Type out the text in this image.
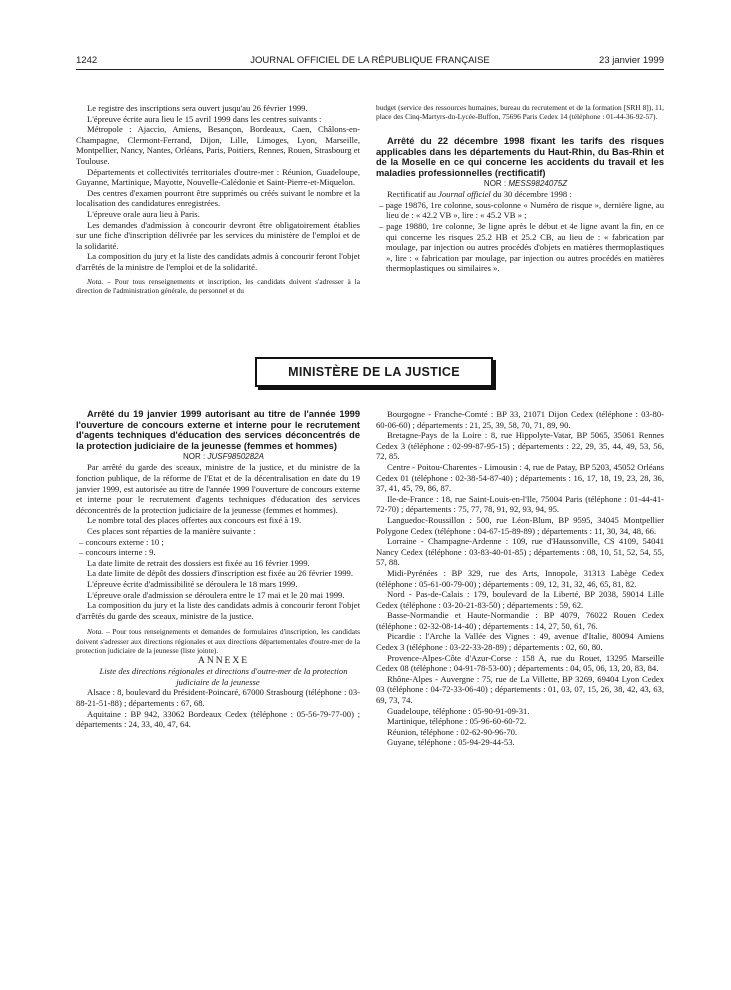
1242	JOURNAL OFFICIEL DE LA RÉPUBLIQUE FRANÇAISE	23 janvier 1999

Le registre des inscriptions sera ouvert jusqu'au 26 février 1999.

L'épreuve écrite aura lieu le 15 avril 1999 dans les centres suivants :

Métropole : Ajaccio, Amiens, Besançon, Bordeaux, Caen, Châlons-en-Champagne, Clermont-Ferrand, Dijon, Lille, Limoges, Lyon, Marseille, Montpellier, Nancy, Nantes, Orléans, Paris, Poitiers, Rennes, Rouen, Strasbourg et Toulouse.

Départements et collectivités territoriales d'outre-mer : Réunion, Guadeloupe, Guyanne, Martinique, Mayotte, Nouvelle-Calédonie et Saint-Pierre-et-Miquelon.

Des centres d'examen pourront être supprimés ou créés suivant le nombre et la localisation des candidatures enregistrées.

L'épreuve orale aura lieu à Paris.

Les demandes d'admission à concourir devront être obligatoirement établies sur une fiche d'inscription délivrée par les services du ministère de l'emploi et de la solidarité.

La composition du jury et la liste des candidats admis à concourir feront l'objet d'arrêtés de la ministre de l'emploi et de la solidarité.

Nota. – Pour tous renseignements et inscription, les candidats doivent s'adresser à la direction de l'administration générale, du personnel et du

budget (service des ressources humaines, bureau du recrutement et de la formation [SRH 8]), 11, place des Cinq-Martyrs-du-Lycée-Buffon, 75696 Paris Cedex 14 (téléphone : 01-44-36-92-57).

Arrêté du 22 décembre 1998 fixant les tarifs des risques applicables dans les départements du Haut-Rhin, du Bas-Rhin et de la Moselle en ce qui concerne les accidents du travail et les maladies professionnelles (rectificatif)

NOR : MESS9824075Z

Rectificatif au Journal officiel du 30 décembre 1998 :

– page 19876, 1re colonne, sous-colonne « Numéro de risque », dernière ligne, au lieu de : « 42.2 VB », lire : « 45.2 VB » ;

– page 19880, 1re colonne, 3e ligne après le début et 4e ligne avant la fin, en ce qui concerne les risques 25.2 HB et 25.2 CB, au lieu de : « fabrication par moulage, par injection ou autres procédés d'objets en matières thermoplastiques », lire : « fabrication par moulage, par injection ou autres procédés en matières thermoplastiques ou similaires ».

MINISTÈRE DE LA JUSTICE

Arrêté du 19 janvier 1999 autorisant au titre de l'année 1999 l'ouverture de concours externe et interne pour le recrutement d'agents techniques d'éducation des services déconcentrés de la protection judiciaire de la jeunesse (femmes et hommes)

NOR : JUSF9850282A

Par arrêté du garde des sceaux, ministre de la justice, et du ministre de la fonction publique, de la réforme de l'Etat et de la décentralisation en date du 19 janvier 1999, est autorisée au titre de l'année 1999 l'ouverture de concours externe et interne pour le recrutement d'agents techniques d'éducation des services déconcentrés de la protection judiciaire de la jeunesse (femmes et hommes).

Le nombre total des places offertes aux concours est fixé à 19.

Ces places sont réparties de la manière suivante :

– concours externe : 10 ;

– concours interne : 9.

La date limite de retrait des dossiers est fixée au 16 février 1999.

La date limite de dépôt des dossiers d'inscription est fixée au 26 février 1999.

L'épreuve écrite d'admissibilité se déroulera le 18 mars 1999.

L'épreuve orale d'admission se déroulera entre le 17 mai et le 20 mai 1999.

La composition du jury et la liste des candidats admis à concourir feront l'objet d'arrêtés du garde des sceaux, ministre de la justice.

Nota. – Pour tous renseignements et demandes de formulaires d'inscription, les candidats doivent s'adresser aux directions régionales et aux directions départementales d'outre-mer de la protection judiciaire de la jeunesse (liste jointe).

ANNEXE

Liste des directions régionales et directions d'outre-mer de la protection judiciaire de la jeunesse

Alsace : 8, boulevard du Président-Poincaré, 67000 Strasbourg (téléphone : 03-88-21-51-88) ; départements : 67, 68.

Aquitaine : BP 942, 33062 Bordeaux Cedex (téléphone : 05-56-79-77-00) ; départements : 24, 33, 40, 47, 64.

Bourgogne - Franche-Comté : BP 33, 21071 Dijon Cedex (téléphone : 03-80-60-06-60) ; départements : 21, 25, 39, 58, 70, 71, 89, 90.

Bretagne-Pays de la Loire : 8, rue Hippolyte-Vatar, BP 5065, 35061 Rennes Cedex 3 (téléphone : 02-99-87-95-15) ; départements : 22, 29, 35, 44, 49, 53, 56, 72, 85.

Centre - Poitou-Charentes - Limousin : 4, rue de Patay, BP 5203, 45052 Orléans Cedex 01 (téléphone : 02-38-54-87-40) ; départements : 16, 17, 18, 19, 23, 28, 36, 37, 41, 45, 79, 86, 87.

Ile-de-France : 18, rue Saint-Louis-en-l'Ile, 75004 Paris (téléphone : 01-44-41-72-70) ; départements : 75, 77, 78, 91, 92, 93, 94, 95.

Languedoc-Roussillon : 500, rue Léon-Blum, BP 9595, 34045 Montpellier Polygone Cedex (téléphone : 04-67-15-89-89) ; départements : 11, 30, 34, 48, 66.

Lorraine - Champagne-Ardenne : 109, rue d'Haussonville, CS 4109, 54041 Nancy Cedex (téléphone : 03-83-40-01-85) ; départements : 08, 10, 51, 52, 54, 55, 57, 88.

Midi-Pyrénées : BP 329, rue des Arts, Innopole, 31313 Labège Cedex (téléphone : 05-61-00-79-00) ; départements : 09, 12, 31, 32, 46, 65, 81, 82.

Nord - Pas-de-Calais : 179, boulevard de la Liberté, BP 2038, 59014 Lille Cedex (téléphone : 03-20-21-83-50) ; départements : 59, 62.

Basse-Normandie et Haute-Normandie : BP 4079, 76022 Rouen Cedex (téléphone : 02-32-08-14-40) ; départements : 14, 27, 50, 61, 76.

Picardie : l'Arche la Vallée des Vignes : 49, avenue d'Italie, 80094 Amiens Cedex 3 (téléphone : 03-22-33-28-89) ; départements : 02, 60, 80.

Provence-Alpes-Côte d'Azur-Corse : 158 A, rue du Rouet, 13295 Marseille Cedex 08 (téléphone : 04-91-78-53-00) ; départements : 04, 05, 06, 13, 20, 83, 84.

Rhône-Alpes - Auvergne : 75, rue de La Villette, BP 3269, 69404 Lyon Cedex 03 (téléphone : 04-72-33-06-40) ; départements : 01, 03, 07, 15, 26, 38, 42, 43, 63, 69, 73, 74.

Guadeloupe, téléphone : 05-90-91-09-31.

Martinique, téléphone : 05-96-60-60-72.

Réunion, téléphone : 02-62-90-96-70.

Guyane, téléphone : 05-94-29-44-53.
